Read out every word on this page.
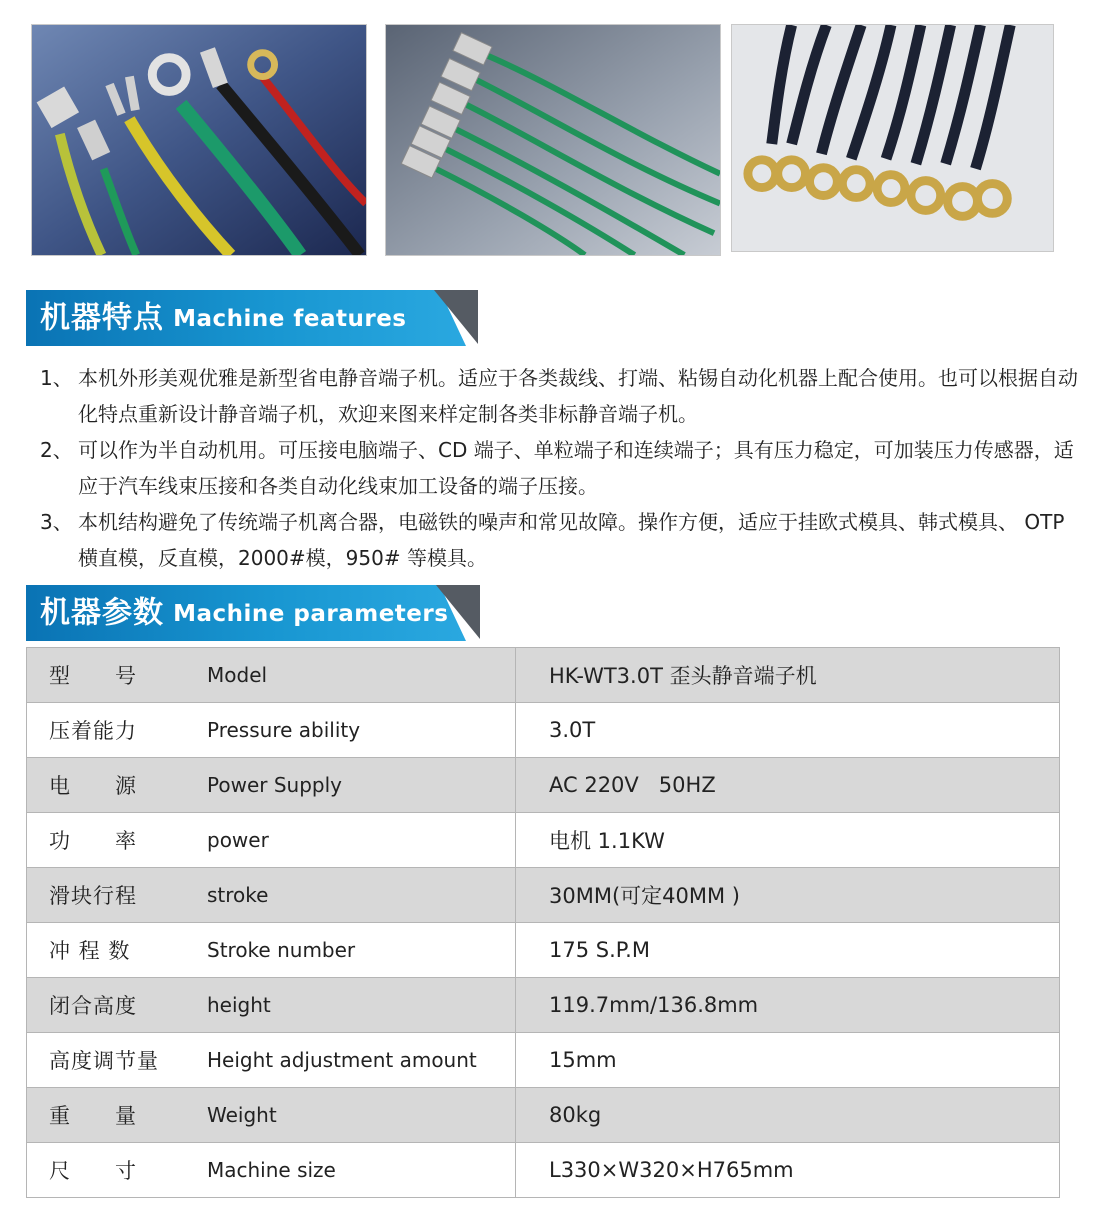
机器特点 Machine features
1、 本机外形美观优雅是新型省电静音端子机。适应于各类裁线、打端、粘锡自动化机器上配合使用。也可以根据自动化特点重新设计静音端子机，欢迎来图来样定制各类非标静音端子机。
2、 可以作为半自动机用。可压接电脑端子、CD 端子、单粒端子和连续端子；具有压力稳定，可加装压力传感器，适应于汽车线束压接和各类自动化线束加工设备的端子压接。
3、 本机结构避免了传统端子机离合器，电磁铁的噪声和常见故障。操作方便，适应于挂欧式模具、韩式模具、 OTP 横直模，反直模，2000#模，950# 等模具。
机器参数 Machine parameters
型　　号 Model	HK-WT3.0T 歪头静音端子机

压着能力 Pressure ability	3.0T

电　　源 Power Supply	AC 220V   50HZ

功　　率 power	电机 1.1KW

滑块行程 stroke	30MM(可定40MM )

冲 程 数 Stroke number	175 S.P.M

闭合高度 height	119.7mm/136.8mm

高度调节量 Height adjustment amount	15mm

重　　量 Weight	80kg

尺　　寸 Machine size	L330×W320×H765mm
